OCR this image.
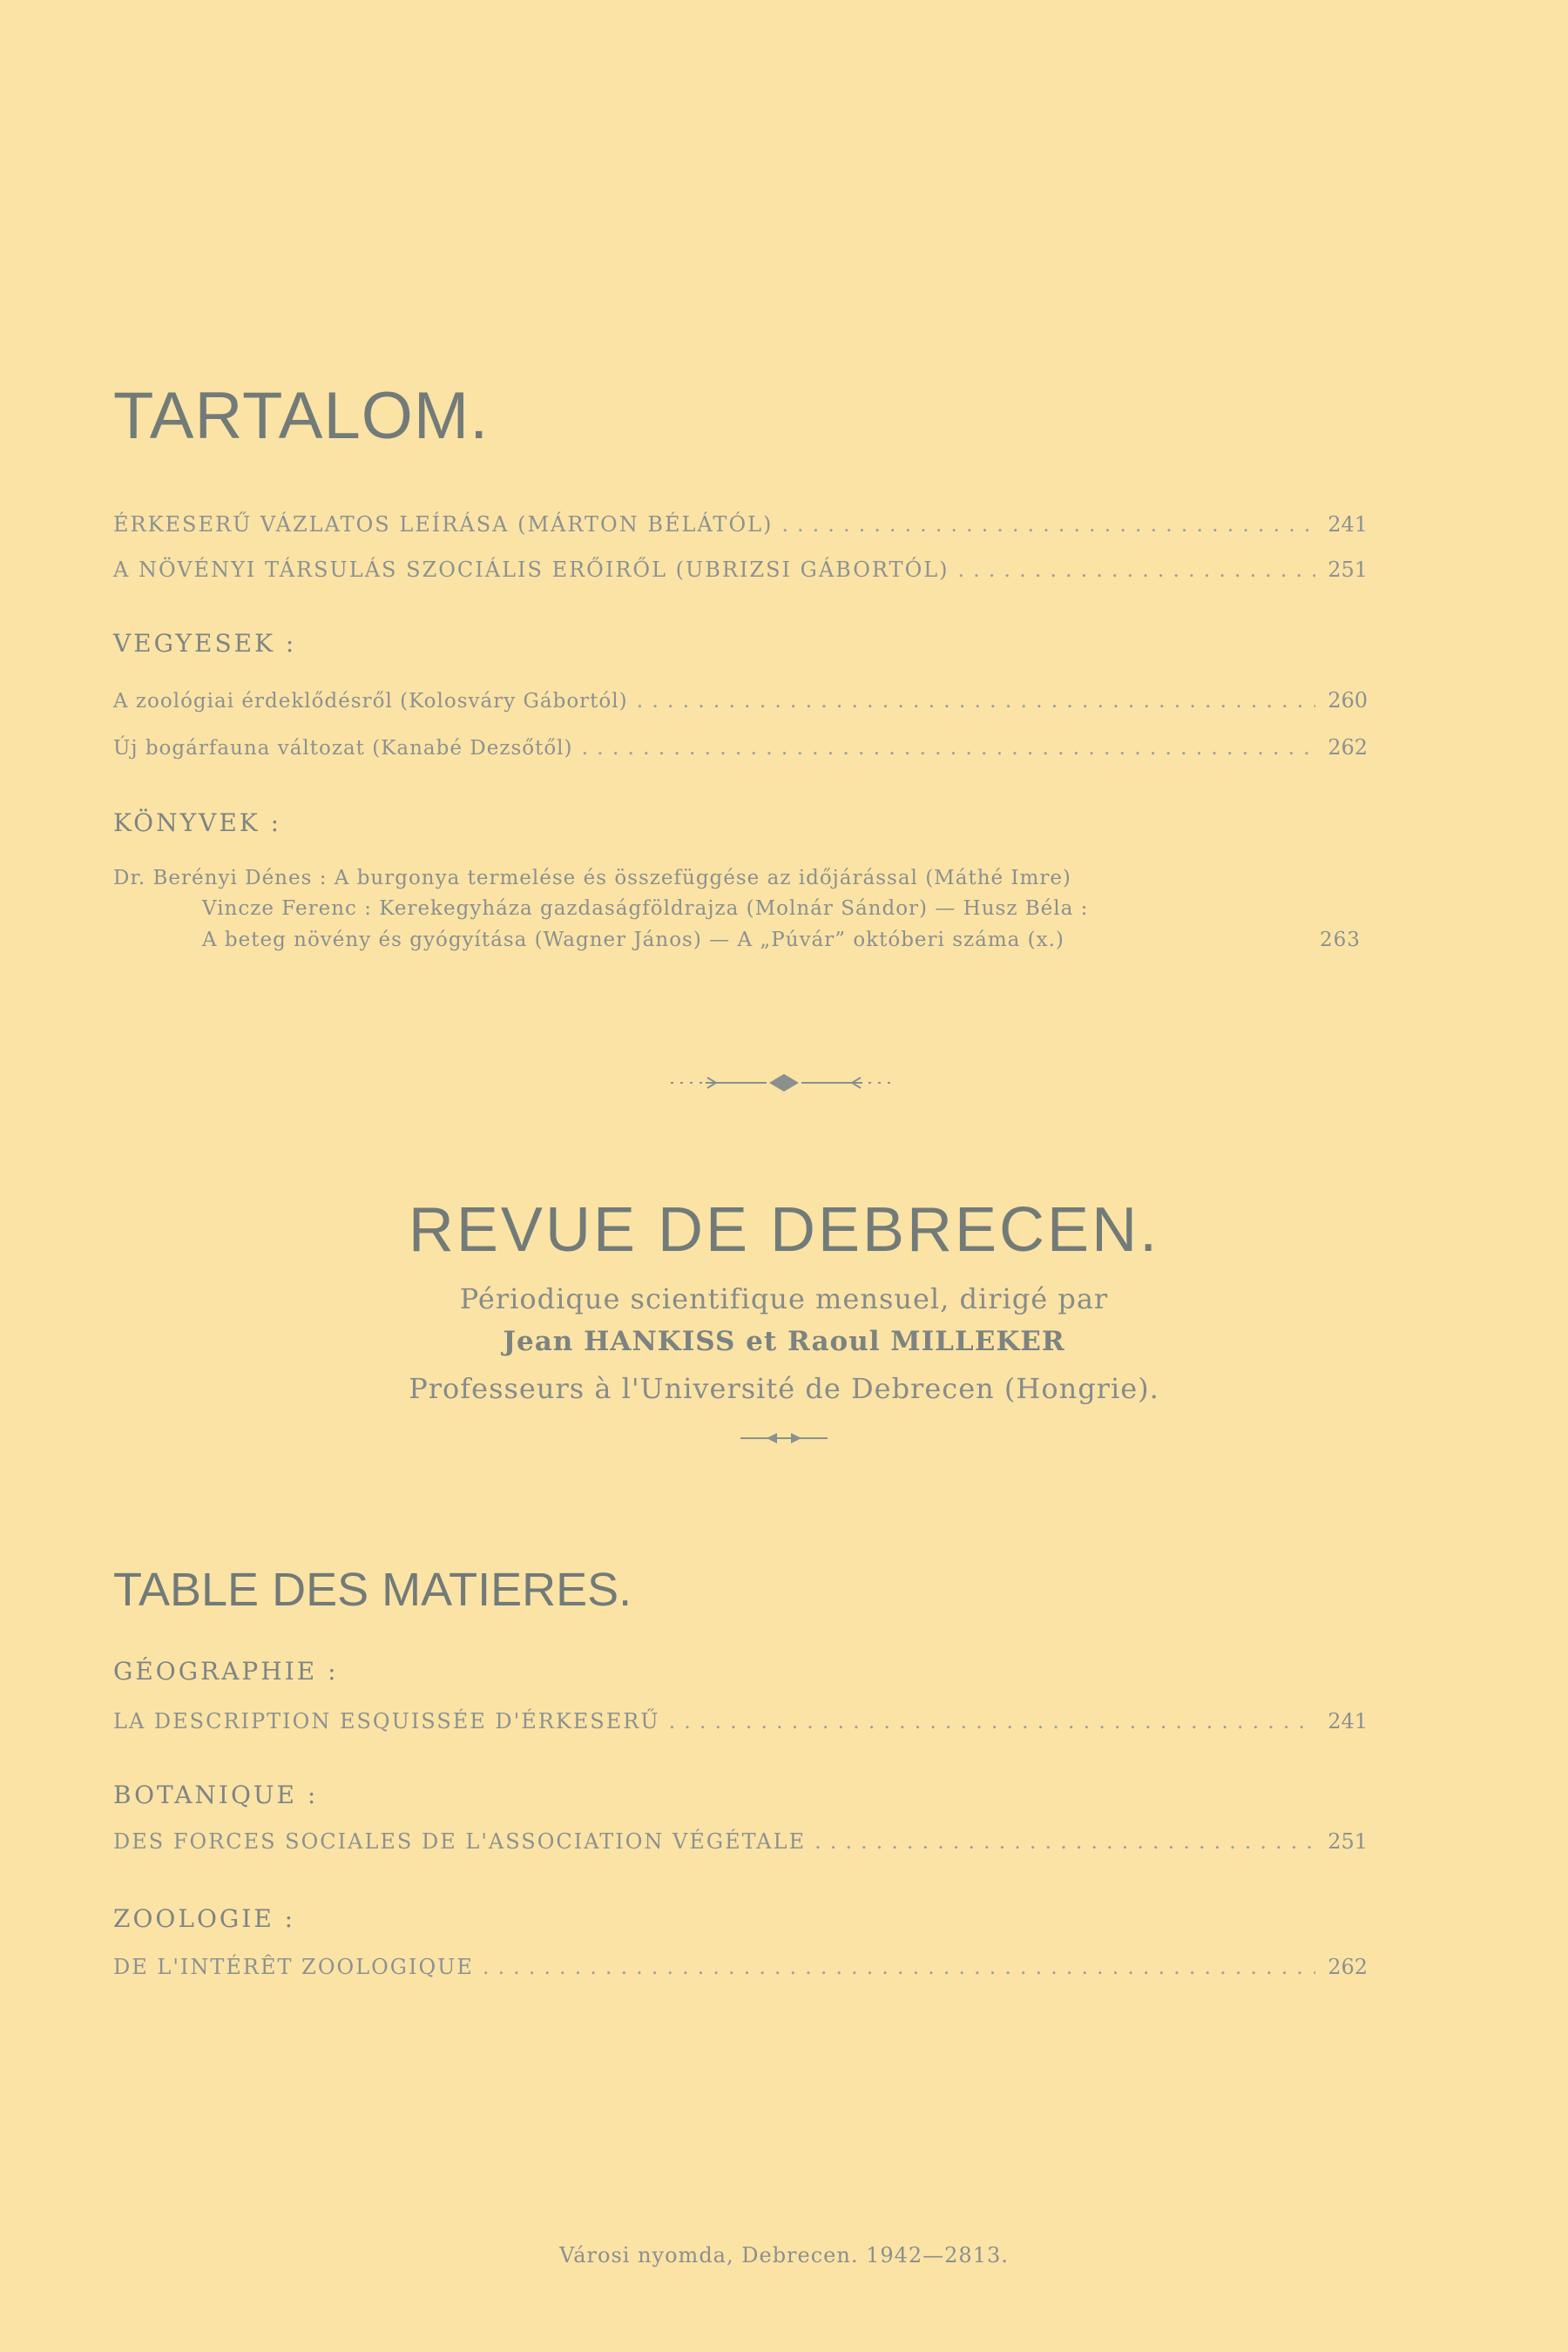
TARTALOM.
ÉRKESERŰ VÁZLATOS LEÍRÁSA (MÁRTON BÉLÁTÓL) .....	241
A NÖVÉNYI TÁRSULÁS SZOCIÁLIS ERŐIRŐL (UBRIZSI GÁBORTÓL) .....	251
VEGYESEK :
A zoológiai érdeklődésről (Kolosváry Gábortól) .....	260
Új bogárfauna változat (Kanabé Dezsőtől) .....	262
KÖNYVEK :
Dr. Berényi Dénes : A burgonya termelése és összefüggése az időjárással (Máthé Imre)
Vincze Ferenc : Kerekegyháza gazdaságföldrajza (Molnár Sándor) — Husz Béla :
A beteg növény és gyógyítása (Wagner János) — A „Púvár” októberi száma (x.)	263
REVUE DE DEBRECEN.
Périodique scientifique mensuel, dirigé par
Jean HANKISS et Raoul MILLEKER
Professeurs à l'Université de Debrecen (Hongrie).
TABLE DES MATIERES.
GÉOGRAPHIE :
LA DESCRIPTION ESQUISSÉE D'ÉRKESERŰ .....	241
BOTANIQUE :
DES FORCES SOCIALES DE L'ASSOCIATION VÉGÉTALE .....	251
ZOOLOGIE :
DE L'INTÉRÊT ZOOLOGIQUE .....	262
Városi nyomda, Debrecen. 1942—2813.
